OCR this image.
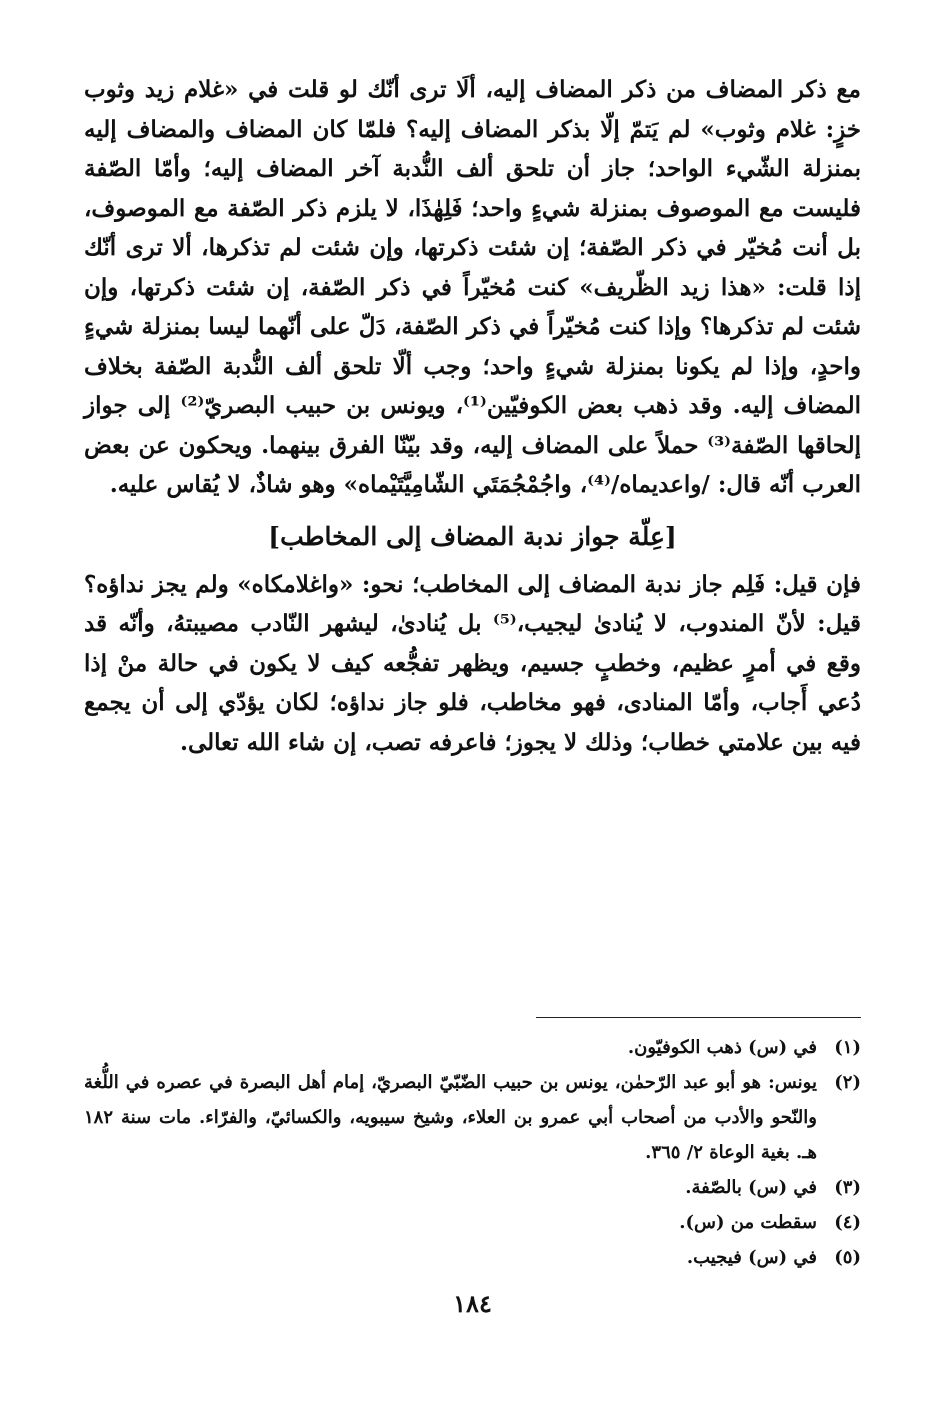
مع ذكر المضاف من ذكر المضاف إليه، ألَا ترى أنّك لو قلت في «غلام زيد وثوب خزٍ: غلام وثوب» لم يَتمّ إلّا بذكر المضاف إليه؟ فلمّا كان المضاف والمضاف إليه بمنزلة الشّيء الواحد؛ جاز أن تلحق ألف النُّدبة آخر المضاف إليه؛ وأمّا الصّفة فليست مع الموصوف بمنزلة شيءٍ واحد؛ فَلِهٰذَا، لا يلزم ذكر الصّفة مع الموصوف، بل أنت مُخيّر في ذكر الصّفة؛ إن شئت ذكرتها، وإن شئت لم تذكرها، ألا ترى أنّك إذا قلت: «هذا زيد الظّريف» كنت مُخيّراً في ذكر الصّفة، إن شئت ذكرتها، وإن شئت لم تذكرها؟ وإذا كنت مُخيّراً في ذكر الصّفة، دَلّ على أنّهما ليسا بمنزلة شيءٍ واحدٍ، وإذا لم يكونا بمنزلة شيءٍ واحد؛ وجب ألّا تلحق ألف النُّدبة الصّفة بخلاف المضاف إليه. وقد ذهب بعض الكوفيّين⁽¹⁾، ويونس بن حبيب البصريّ⁽²⁾ إلى جواز إلحاقها الصّفة⁽³⁾ حملاً على المضاف إليه، وقد بيّنّا الفرق بينهما. ويحكون عن بعض العرب أنّه قال: /واعديماه/⁽⁴⁾، واجُمْجُمَتَي الشّامِيَّتَيْماه» وهو شاذٌ، لا يُقاس عليه.

[عِلّة جواز ندبة المضاف إلى المخاطب]

فإن قيل: فَلِم جاز ندبة المضاف إلى المخاطب؛ نحو: «واغلامكاه» ولم يجز نداؤه؟ قيل: لأنّ المندوب، لا يُنادىٰ ليجيب،⁽⁵⁾ بل يُنادىٰ، ليشهر النّادب مصيبتهُ، وأنّه قد وقع في أمرٍ عظيم، وخطبٍ جسيم، ويظهر تفجُّعه كيف لا يكون في حالة منْ إذا دُعي أَجاب، وأمّا المنادى، فهو مخاطب، فلو جاز نداؤه؛ لكان يؤدّي إلى أن يجمع فيه بين علامتي خطاب؛ وذلك لا يجوز؛ فاعرفه تصب، إن شاء الله تعالى.

(١)
في (س) ذهب الكوفيّون.
(٢)
يونس: هو أبو عبد الرّحمٰن، يونس بن حبيب الضّبّيّ البصريّ، إمام أهل البصرة في عصره في اللُّغة والنّحو والأدب من أصحاب أبي عمرو بن العلاء، وشيخ سيبويه، والكسائيّ، والفرّاء. مات سنة ١٨٢ هـ. بغية الوعاة ٢/ ٣٦٥.
(٣)
في (س) بالصّفة.
(٤)
سقطت من (س).
(٥)
في (س) فيجيب.
١٨٤
